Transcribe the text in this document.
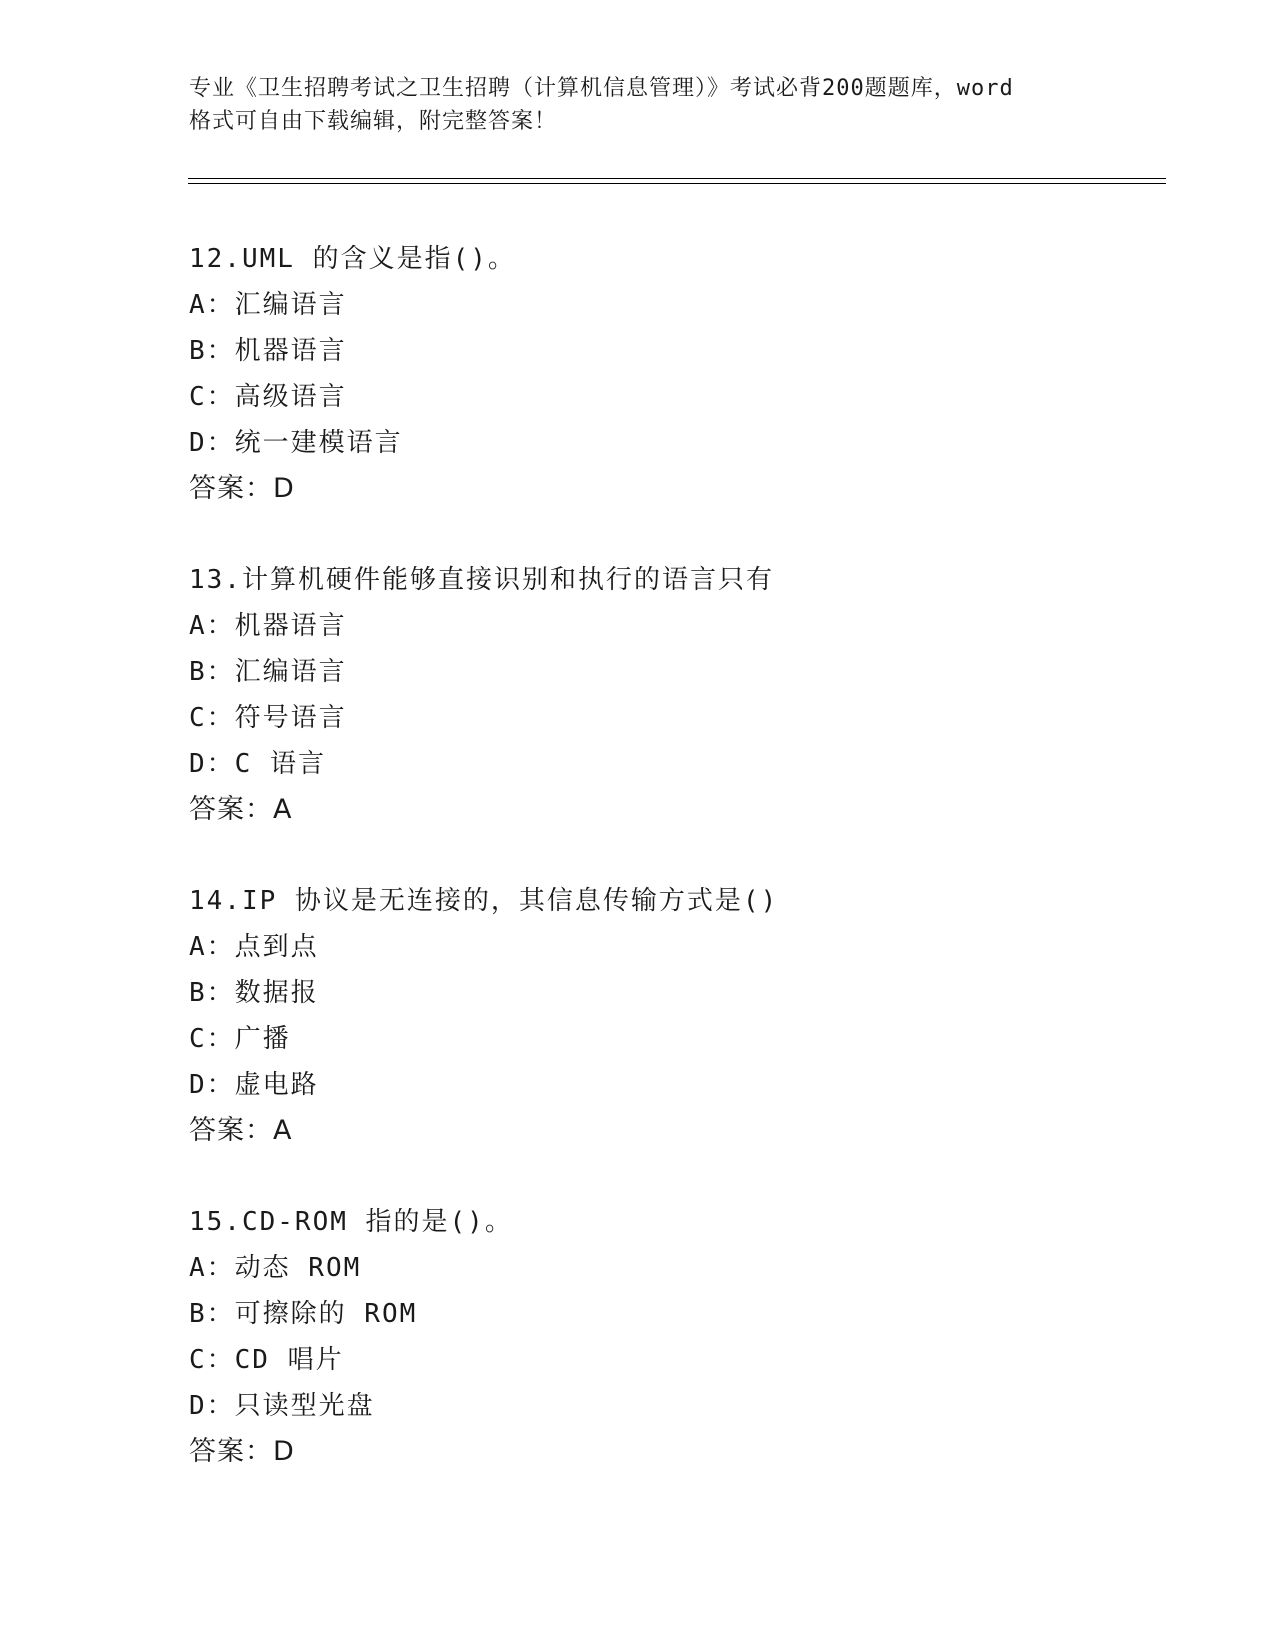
专业《卫生招聘考试之卫生招聘（计算机信息管理）》考试必背200题题库，word
格式可自由下载编辑，附完整答案！
12.UML 的含义是指()。
A：汇编语言
B：机器语言
C：高级语言
D：统一建模语言
答案：D
13.计算机硬件能够直接识别和执行的语言只有
A：机器语言
B：汇编语言
C：符号语言
D：C 语言
答案：A
14.IP 协议是无连接的，其信息传输方式是()
A：点到点
B：数据报
C：广播
D：虚电路
答案：A
15.CD-ROM 指的是()。
A：动态 ROM
B：可擦除的 ROM
C：CD 唱片
D：只读型光盘
答案：D
